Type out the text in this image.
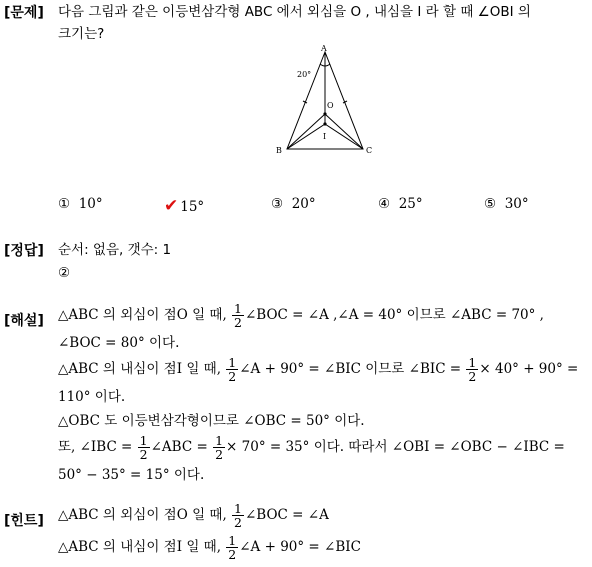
[문제] 다음 그림과 같은 이등변삼각형 ABC 에서 외심을 O , 내심을 I 라 할 때 ∠OBI 의
크기는?
A
B	C
O
I
20°
① 10°	✔ 15°	③ 20°	④ 25°	⑤ 30°
[정답] 순서: 없음, 갯수: 1
②
[해설] △ABC 의 외심이 점O 일 때, $\frac{1}{2}$ ∠BOC = ∠A ,∠A = 40° 이므로 ∠ABC = 70° ,
∠BOC = 80° 이다.
△ABC 의 내심이 점I 일 때, $\frac{1}{2}$ ∠A + 90° = ∠BIC 이므로 ∠BIC = $\frac{1}{2} \times 40^\circ + 90^\circ$ =
110° 이다.
△OBC 도 이등변삼각형이므로 ∠OBC = 50° 이다.
또, ∠IBC = $\frac{1}{2}$ ∠ABC = $\frac{1}{2} \times 70^\circ = 35^\circ$ 이다. 따라서 ∠OBI = ∠OBC − ∠IBC =
50° − 35° = 15° 이다.
[힌트] △ABC 의 외심이 점O 일 때, $\frac{1}{2}$ ∠BOC = ∠A
△ABC 의 내심이 점I 일 때, $\frac{1}{2}$ ∠A + 90° = ∠BIC
